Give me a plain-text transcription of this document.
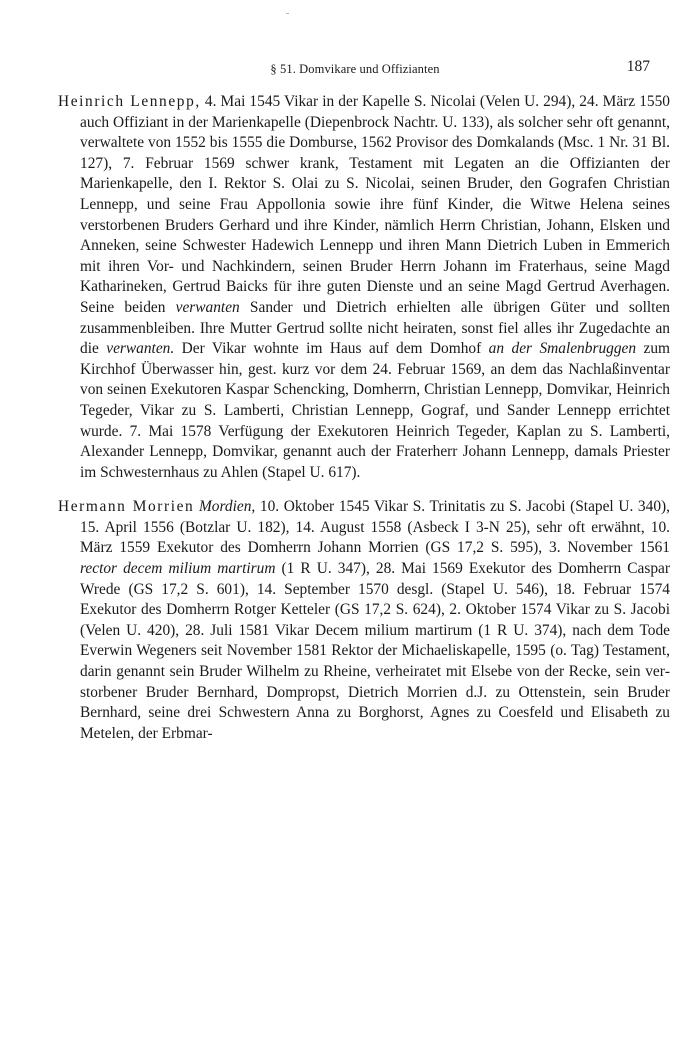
-
§ 51. Domvikare und Offizianten	187

Heinrich Lennepp, 4. Mai 1545 Vikar in der Kapelle S. Nicolai (Velen U. 294), 24. März 1550 auch Offiziant in der Marienkapelle (Diepenbrock Nachtr. U. 133), als solcher sehr oft genannt, verwaltete von 1552 bis 1555 die Domburse, 1562 Provisor des Domkalands (Msc. 1 Nr. 31 Bl. 127), 7. Februar 1569 schwer krank, Testament mit Legaten an die Offizianten der Marienkapelle, den I. Rektor S. Olai zu S. Nicolai, seinen Bruder, den Gografen Christian Lennepp, und seine Frau Appollonia sowie ihre fünf Kinder, die Witwe Helena seines verstorbenen Bruders Gerhard und ihre Kinder, nämlich Herrn Christian, Johann, Elsken und Anneken, seine Schwester Hadewich Lennepp und ihren Mann Dietrich Luben in Emmerich mit ihren Vor- und Nachkindern, seinen Bruder Herrn Johann im Fraterhaus, seine Magd Katharineken, Gertrud Baicks für ihre guten Dienste und an seine Magd Gertrud Averhagen. Seine beiden verwanten Sander und Dietrich erhielten alle übrigen Güter und sollten zusammenbleiben. Ihre Mutter Gertrud sollte nicht heiraten, sonst fiel alles ihr Zugedachte an die verwanten. Der Vikar wohnte im Haus auf dem Domhof an der Smalenbruggen zum Kirchhof Überwasser hin, gest. kurz vor dem 24. Februar 1569, an dem das Nachlaßinventar von seinen Exekutoren Kaspar Schencking, Domherrn, Christian Lennepp, Domvikar, Heinrich Tegeder, Vikar zu S. Lamberti, Christian Lennepp, Gograf, und Sander Lennepp errichtet wurde. 7. Mai 1578 Verfügung der Exekutoren Heinrich Tegeder, Kaplan zu S. Lamberti, Alexander Lennepp, Domvikar, genannt auch der Fraterherr Johann Lennepp, damals Priester im Schwesternhaus zu Ahlen (Stapel U. 617).

Hermann Morrien Mordien, 10. Oktober 1545 Vikar S. Trinitatis zu S. Jacobi (Stapel U. 340), 15. April 1556 (Botzlar U. 182), 14. August 1558 (Asbeck I 3-N 25), sehr oft erwähnt, 10. März 1559 Exekutor des Domherrn Johann Morrien (GS 17,2 S. 595), 3. November 1561 rector decem milium martirum (1 R U. 347), 28. Mai 1569 Exekutor des Domherrn Caspar Wrede (GS 17,2 S. 601), 14. September 1570 desgl. (Stapel U. 546), 18. Februar 1574 Exekutor des Domherrn Rotger Ketteler (GS 17,2 S. 624), 2. Oktober 1574 Vikar zu S. Jacobi (Velen U. 420), 28. Juli 1581 Vikar Decem milium martirum (1 R U. 374), nach dem Tode Everwin Wegeners seit November 1581 Rektor der Michaeliskapelle, 1595 (o. Tag) Testament, darin genannt sein Bruder Wilhelm zu Rheine, verheiratet mit Elsebe von der Recke, sein verstorbener Bruder Bernhard, Dompropst, Dietrich Morrien d.J. zu Ottenstein, sein Bruder Bernhard, seine drei Schwestern Anna zu Borghorst, Agnes zu Coesfeld und Elisabeth zu Metelen, der Erbmar-
